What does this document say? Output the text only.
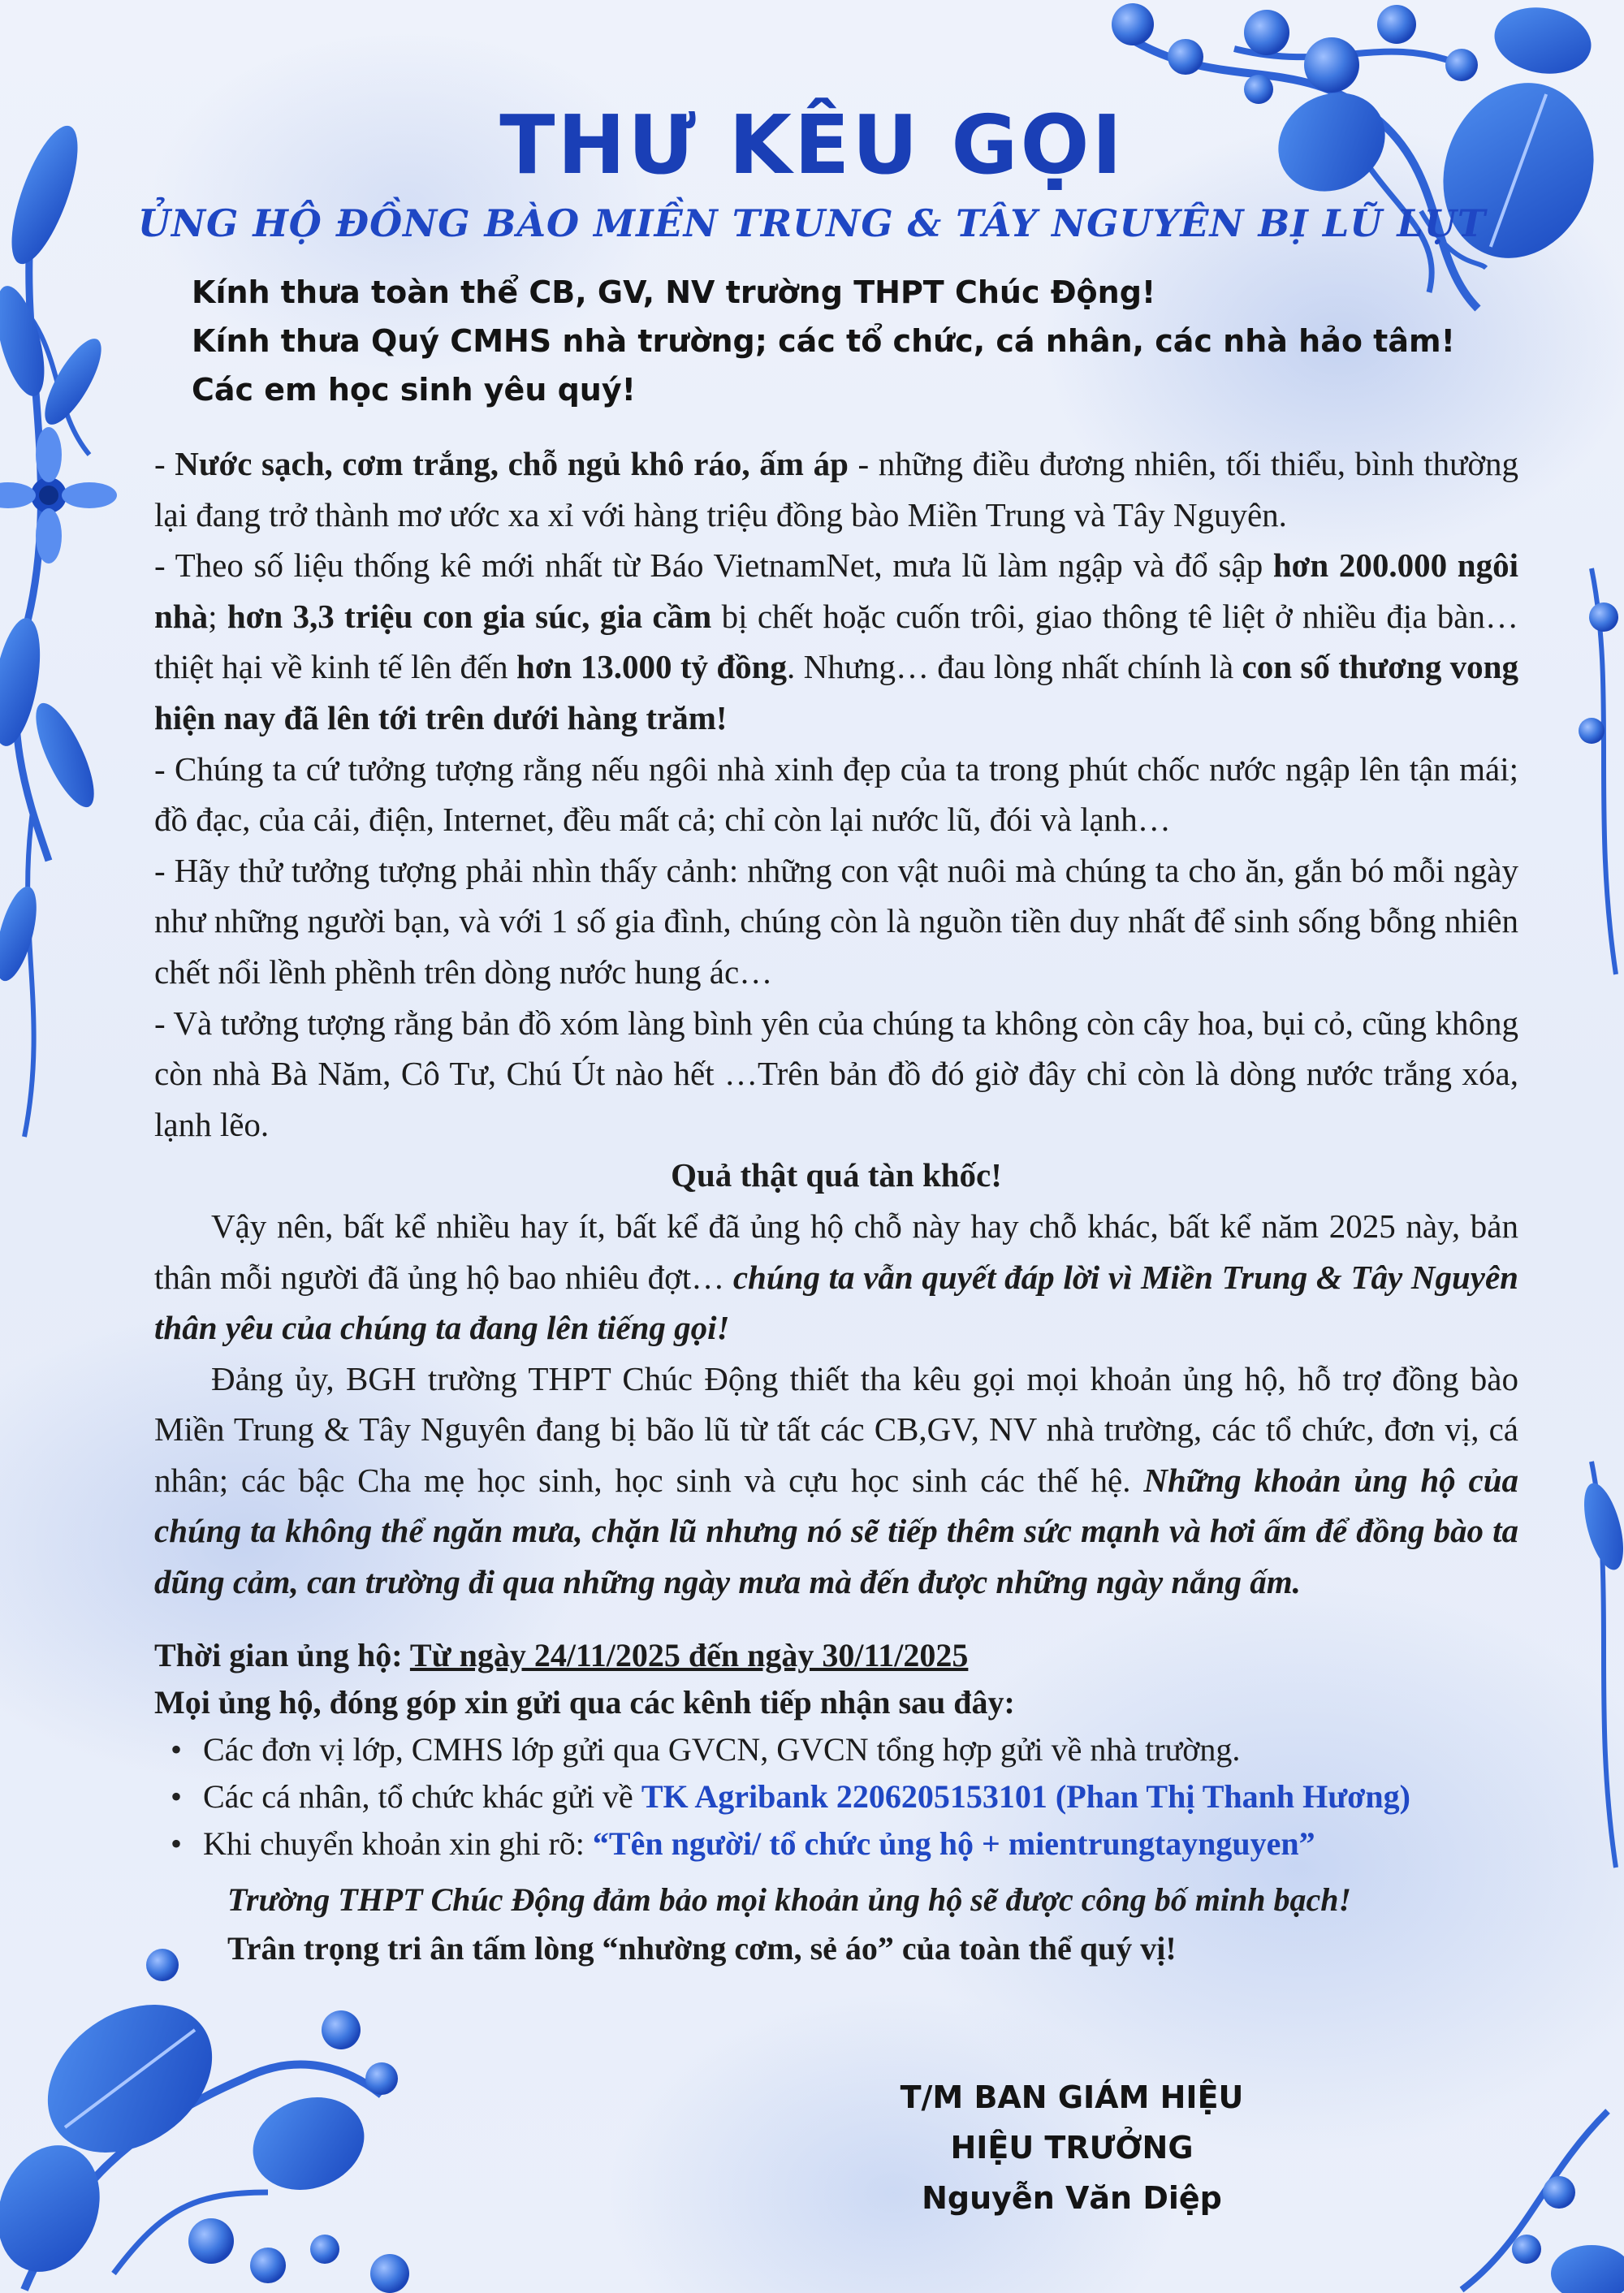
THƯ KÊU GỌI
ỦNG HỘ ĐỒNG BÀO MIỀN TRUNG & TÂY NGUYÊN BỊ LŨ LỤT
Kính thưa toàn thể CB, GV, NV trường THPT Chúc Động!
Kính thưa Quý CMHS nhà trường; các tổ chức, cá nhân, các nhà hảo tâm!
Các em học sinh yêu quý!

- Nước sạch, cơm trắng, chỗ ngủ khô ráo, ấm áp - những điều đương nhiên, tối thiểu, bình thường lại đang trở thành mơ ước xa xỉ với hàng triệu đồng bào Miền Trung và Tây Nguyên.

- Theo số liệu thống kê mới nhất từ Báo VietnamNet, mưa lũ làm ngập và đổ sập hơn 200.000 ngôi nhà; hơn 3,3 triệu con gia súc, gia cầm bị chết hoặc cuốn trôi, giao thông tê liệt ở nhiều địa bàn… thiệt hại về kinh tế lên đến hơn 13.000 tỷ đồng. Nhưng… đau lòng nhất chính là con số thương vong hiện nay đã lên tới trên dưới hàng trăm!

- Chúng ta cứ tưởng tượng rằng nếu ngôi nhà xinh đẹp của ta trong phút chốc nước ngập lên tận mái; đồ đạc, của cải, điện, Internet, đều mất cả; chỉ còn lại nước lũ, đói và lạnh…

- Hãy thử tưởng tượng phải nhìn thấy cảnh: những con vật nuôi mà chúng ta cho ăn, gắn bó mỗi ngày như những người bạn, và với 1 số gia đình, chúng còn là nguồn tiền duy nhất để sinh sống bỗng nhiên chết nổi lềnh phềnh trên dòng nước hung ác…

- Và tưởng tượng rằng bản đồ xóm làng bình yên của chúng ta không còn cây hoa, bụi cỏ, cũng không còn nhà Bà Năm, Cô Tư, Chú Út nào hết …Trên bản đồ đó giờ đây chỉ còn là dòng nước trắng xóa, lạnh lẽo.

Quả thật quá tàn khốc!

Vậy nên, bất kể nhiều hay ít, bất kể đã ủng hộ chỗ này hay chỗ khác, bất kể năm 2025 này, bản thân mỗi người đã ủng hộ bao nhiêu đợt… chúng ta vẫn quyết đáp lời vì Miền Trung & Tây Nguyên thân yêu của chúng ta đang lên tiếng gọi!

Đảng ủy, BGH trường THPT Chúc Động thiết tha kêu gọi mọi khoản ủng hộ, hỗ trợ đồng bào Miền Trung & Tây Nguyên đang bị bão lũ từ tất các CB,GV, NV nhà trường, các tổ chức, đơn vị, cá nhân; các bậc Cha mẹ học sinh, học sinh và cựu học sinh các thế hệ. Những khoản ủng hộ của chúng ta không thể ngăn mưa, chặn lũ nhưng nó sẽ tiếp thêm sức mạnh và hơi ấm để đồng bào ta dũng cảm, can trường đi qua những ngày mưa mà đến được những ngày nắng ấm.

Thời gian ủng hộ: Từ ngày 24/11/2025 đến ngày 30/11/2025
Mọi ủng hộ, đóng góp xin gửi qua các kênh tiếp nhận sau đây:
• Các đơn vị lớp, CMHS lớp gửi qua GVCN, GVCN tổng hợp gửi về nhà trường.
• Các cá nhân, tổ chức khác gửi về TK Agribank 2206205153101 (Phan Thị Thanh Hương)
• Khi chuyển khoản xin ghi rõ: “Tên người/ tổ chức ủng hộ + mientrungtaynguyen”
Trường THPT Chúc Động đảm bảo mọi khoản ủng hộ sẽ được công bố minh bạch!
Trân trọng tri ân tấm lòng “nhường cơm, sẻ áo” của toàn thể quý vị!
T/M BAN GIÁM HIỆU
HIỆU TRƯỞNG
Nguyễn Văn Diệp
